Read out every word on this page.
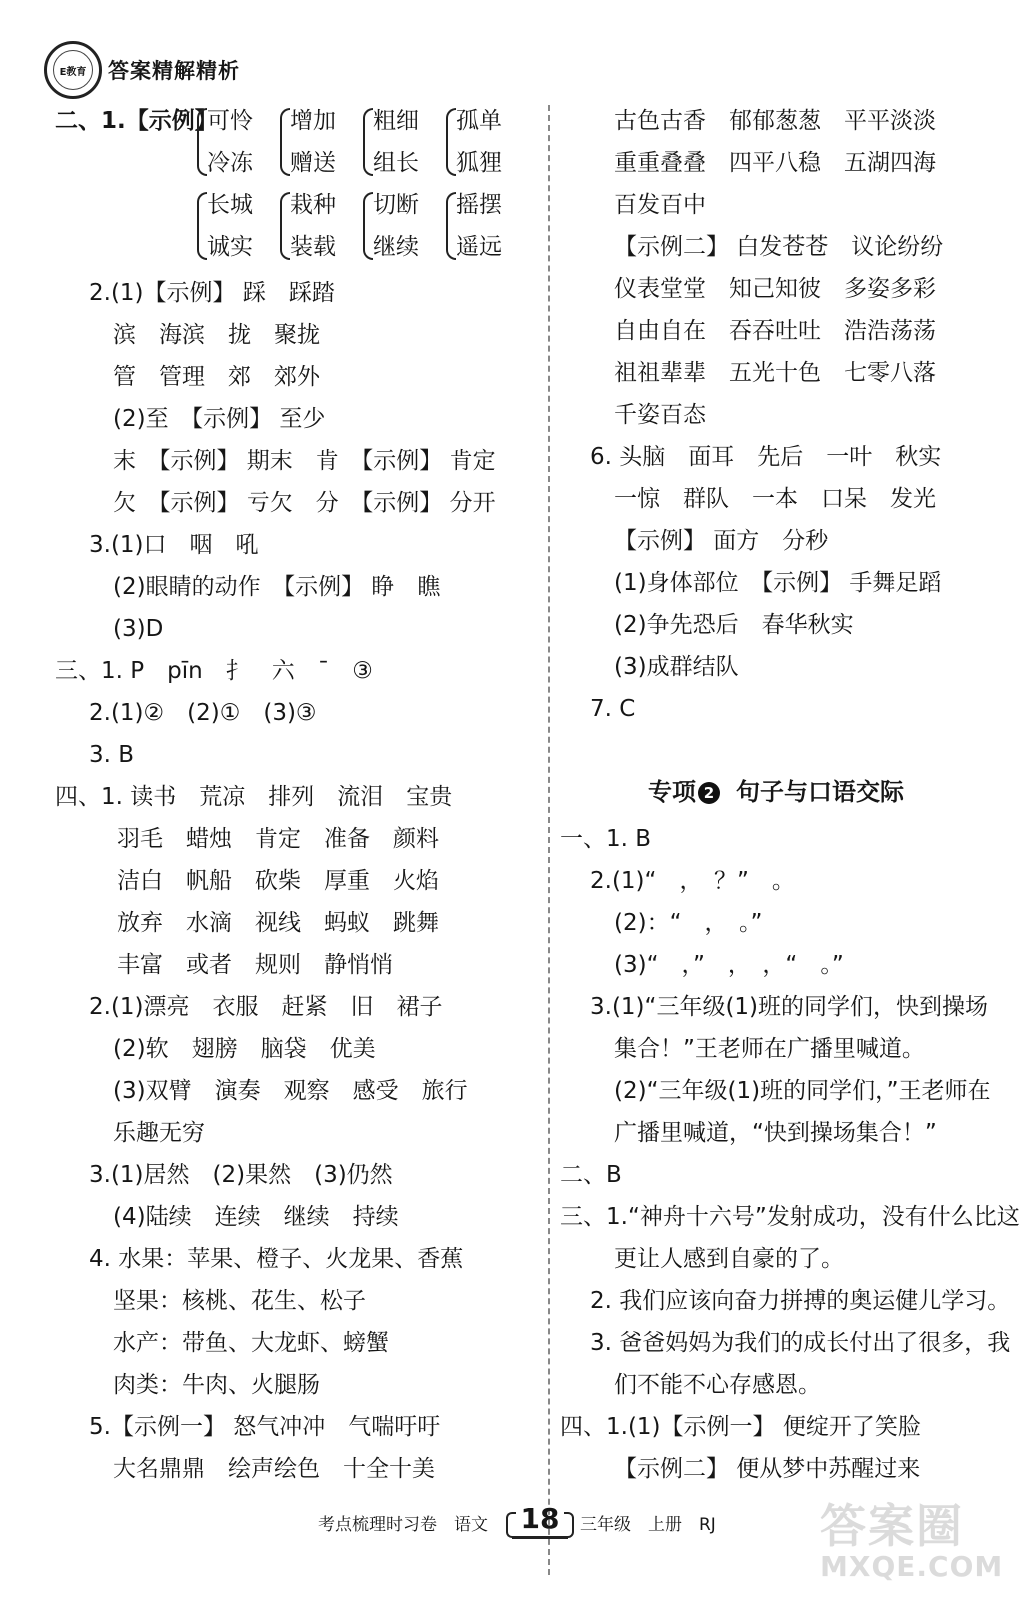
E教育 答案精解精析
二、1.【示例】
可怜
冷冻
增加
赠送
粗细
组长
孤单
狐狸
长城
诚实
栽种
装载
切断
继续
摇摆
遥远
2.(1)【示例】 踩　踩踏
滨　海滨　拢　聚拢
管　管理　郊　郊外
(2)至　【示例】 至少
末　【示例】 期末　肯　【示例】 肯定
欠　【示例】 亏欠　分　【示例】 分开
3.(1)口　咽　吼
(2)眼睛的动作　【示例】 睁　瞧
(3)D
三、1. P　pīn　扌　六　ˉ　③
2.(1)②　(2)①　(3)③
3. B
四、1. 读书　荒凉　排列　流泪　宝贵
羽毛　蜡烛　肯定　准备　颜料
洁白　帆船　砍柴　厚重　火焰
放弃　水滴　视线　蚂蚁　跳舞
丰富　或者　规则　静悄悄
2.(1)漂亮　衣服　赶紧　旧　裙子
(2)软　翅膀　脑袋　优美
(3)双臂　演奏　观察　感受　旅行
乐趣无穷
3.(1)居然　(2)果然　(3)仍然
(4)陆续　连续　继续　持续
4. 水果：苹果、橙子、火龙果、香蕉
坚果：核桃、花生、松子
水产：带鱼、大龙虾、螃蟹
肉类：牛肉、火腿肠
5.【示例一】 怒气冲冲　气喘吁吁
大名鼎鼎　绘声绘色　十全十美
古色古香　郁郁葱葱　平平淡淡
重重叠叠　四平八稳　五湖四海
百发百中
【示例二】 白发苍苍　议论纷纷
仪表堂堂　知己知彼　多姿多彩
自由自在　吞吞吐吐　浩浩荡荡
祖祖辈辈　五光十色　七零八落
千姿百态
6. 头脑　面耳　先后　一叶　秋实
一惊　群队　一本　口呆　发光
【示例】 面方　分秒
(1)身体部位　【示例】 手舞足蹈
(2)争先恐后　春华秋实
(3)成群结队
7. C
一、1. B
2.(1)“　，　？”　。
(2)：“　，　。”
(3)“　，”　，　，“　。”
3.(1)“三年级(1)班的同学们，快到操场
集合！”王老师在广播里喊道。
(2)“三年级(1)班的同学们，”王老师在
广播里喊道，“快到操场集合！”
二、B
三、1.“神舟十六号”发射成功，没有什么比这
更让人感到自豪的了。
2. 我们应该向奋力拼搏的奥运健儿学习。
3. 爸爸妈妈为我们的成长付出了很多，我
们不能不心存感恩。
四、1.(1)【示例一】 便绽开了笑脸
【示例二】 便从梦中苏醒过来
专项 2 句子与口语交际
考点梳理时习卷　语文	18	三年级　上册　RJ 答案圈
MXQE.COM
